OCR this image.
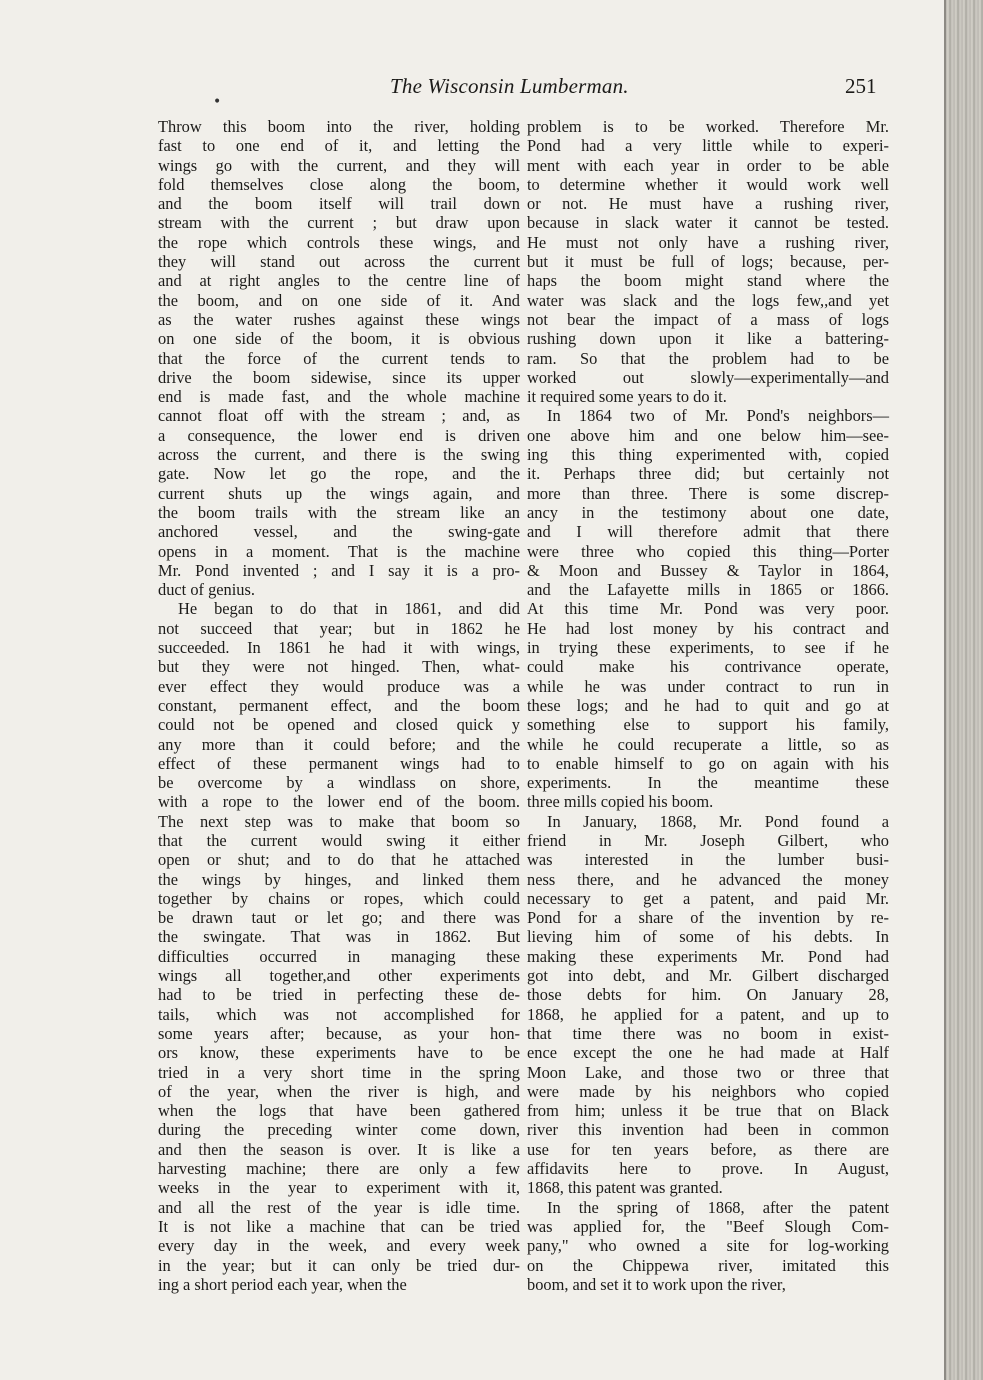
The Wisconsin Lumberman.	251
Throw this boom into the river, holding
fast to one end of it, and letting the
wings go with the current, and they will
fold themselves close along the boom,
and the boom itself will trail down
stream with the current ; but draw upon
the rope which controls these wings, and
they will stand out across the current
and at right angles to the centre line of
the boom, and on one side of it. And
as the water rushes against these wings
on one side of the boom, it is obvious
that the force of the current tends to
drive the boom sidewise, since its upper
end is made fast, and the whole machine
cannot float off with the stream ; and, as
a consequence, the lower end is driven
across the current, and there is the swing
gate. Now let go the rope, and the
current shuts up the wings again, and
the boom trails with the stream like an
anchored vessel, and the swing-gate
opens in a moment. That is the machine
Mr. Pond invented ; and I say it is a pro-
duct of genius.
He began to do that in 1861, and did
not succeed that year; but in 1862 he
succeeded. In 1861 he had it with wings,
but they were not hinged. Then, what-
ever effect they would produce was a
constant, permanent effect, and the boom
could not be opened and closed quick y
any more than it could before; and the
effect of these permanent wings had to
be overcome by a windlass on shore,
with a rope to the lower end of the boom.
The next step was to make that boom so
that the current would swing it either
open or shut; and to do that he attached
the wings by hinges, and linked them
together by chains or ropes, which could
be drawn taut or let go; and there was
the swingate. That was in 1862. But
difficulties occurred in managing these
wings all together,and other experiments
had to be tried in perfecting these de-
tails, which was not accomplished for
some years after; because, as your hon-
ors know, these experiments have to be
tried in a very short time in the spring
of the year, when the river is high, and
when the logs that have been gathered
during the preceding winter come down,
and then the season is over. It is like a
harvesting machine; there are only a few
weeks in the year to experiment with it,
and all the rest of the year is idle time.
It is not like a machine that can be tried
every day in the week, and every week
in the year; but it can only be tried dur-
ing a short period each year, when the
problem is to be worked. Therefore Mr.
Pond had a very little while to experi-
ment with each year in order to be able
to determine whether it would work well
or not. He must have a rushing river,
because in slack water it cannot be tested.
He must not only have a rushing river,
but it must be full of logs; because, per-
haps the boom might stand where the
water was slack and the logs few,,and yet
not bear the impact of a mass of logs
rushing down upon it like a battering-
ram. So that the problem had to be
worked out slowly—experimentally—and
it required some years to do it.
In 1864 two of Mr. Pond's neighbors—
one above him and one below him—see-
ing this thing experimented with, copied
it. Perhaps three did; but certainly not
more than three. There is some discrep-
ancy in the testimony about one date,
and I will therefore admit that there
were three who copied this thing—Porter
& Moon and Bussey & Taylor in 1864,
and the Lafayette mills in 1865 or 1866.
At this time Mr. Pond was very poor.
He had lost money by his contract and
in trying these experiments, to see if he
could make his contrivance operate,
while he was under contract to run in
these logs; and he had to quit and go at
something else to support his family,
while he could recuperate a little, so as
to enable himself to go on again with his
experiments. In the meantime these
three mills copied his boom.
In January, 1868, Mr. Pond found a
friend in Mr. Joseph Gilbert, who
was interested in the lumber busi-
ness there, and he advanced the money
necessary to get a patent, and paid Mr.
Pond for a share of the invention by re-
lieving him of some of his debts. In
making these experiments Mr. Pond had
got into debt, and Mr. Gilbert discharged
those debts for him. On January 28,
1868, he applied for a patent, and up to
that time there was no boom in exist-
ence except the one he had made at Half
Moon Lake, and those two or three that
were made by his neighbors who copied
from him; unless it be true that on Black
river this invention had been in common
use for ten years before, as there are
affidavits here to prove. In August,
1868, this patent was granted.
In the spring of 1868, after the patent
was applied for, the "Beef Slough Com-
pany," who owned a site for log-working
on the Chippewa river, imitated this
boom, and set it to work upon the river,
•
